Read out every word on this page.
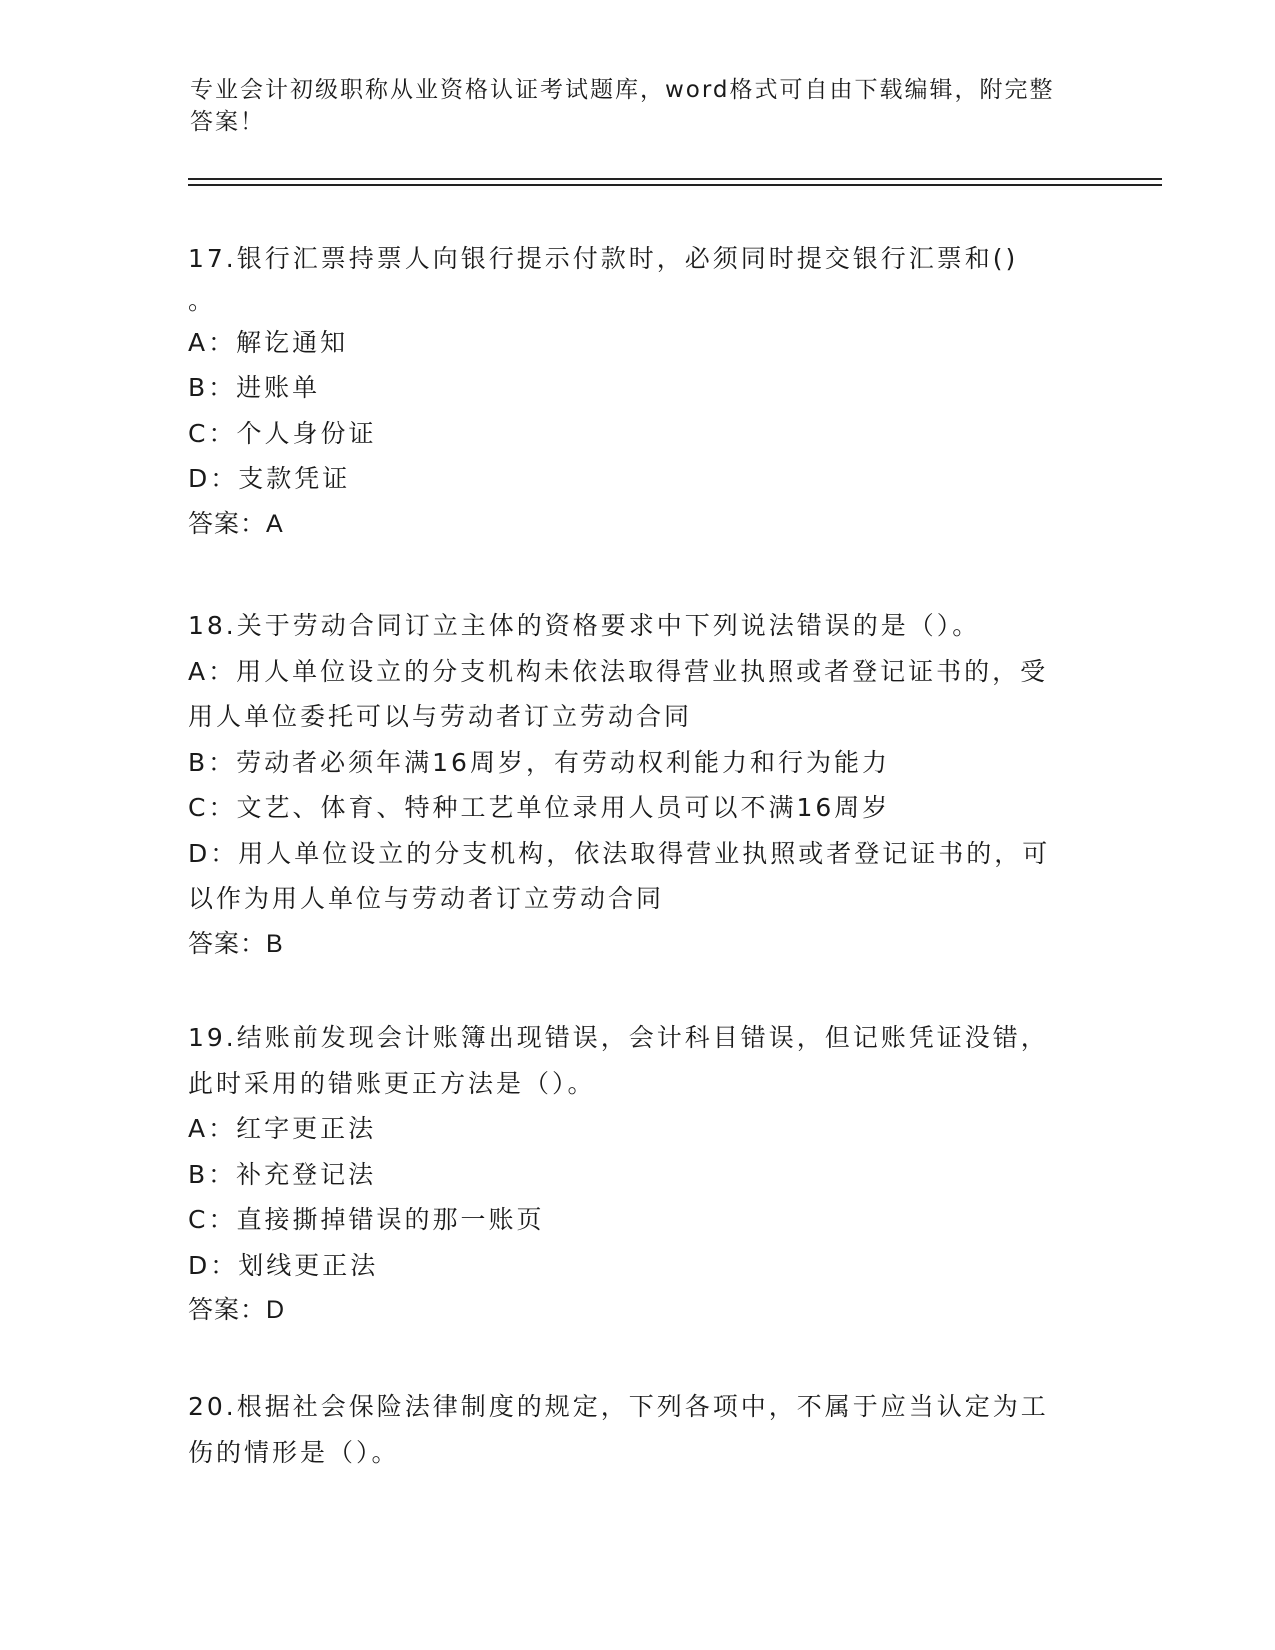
专业会计初级职称从业资格认证考试题库，word格式可自由下载编辑，附完整答案！
17.银行汇票持票人向银行提示付款时，必须同时提交银行汇票和()
。
A：解讫通知
B：进账单
C：个人身份证
D：支款凭证
答案：A
18.关于劳动合同订立主体的资格要求中下列说法错误的是（）。
A：用人单位设立的分支机构未依法取得营业执照或者登记证书的，受
用人单位委托可以与劳动者订立劳动合同
B：劳动者必须年满16周岁，有劳动权利能力和行为能力
C：文艺、体育、特种工艺单位录用人员可以不满16周岁
D：用人单位设立的分支机构，依法取得营业执照或者登记证书的，可
以作为用人单位与劳动者订立劳动合同
答案：B
19.结账前发现会计账簿出现错误，会计科目错误，但记账凭证没错，
此时采用的错账更正方法是（）。
A：红字更正法
B：补充登记法
C：直接撕掉错误的那一账页
D：划线更正法
答案：D
20.根据社会保险法律制度的规定，下列各项中，不属于应当认定为工
伤的情形是（）。
